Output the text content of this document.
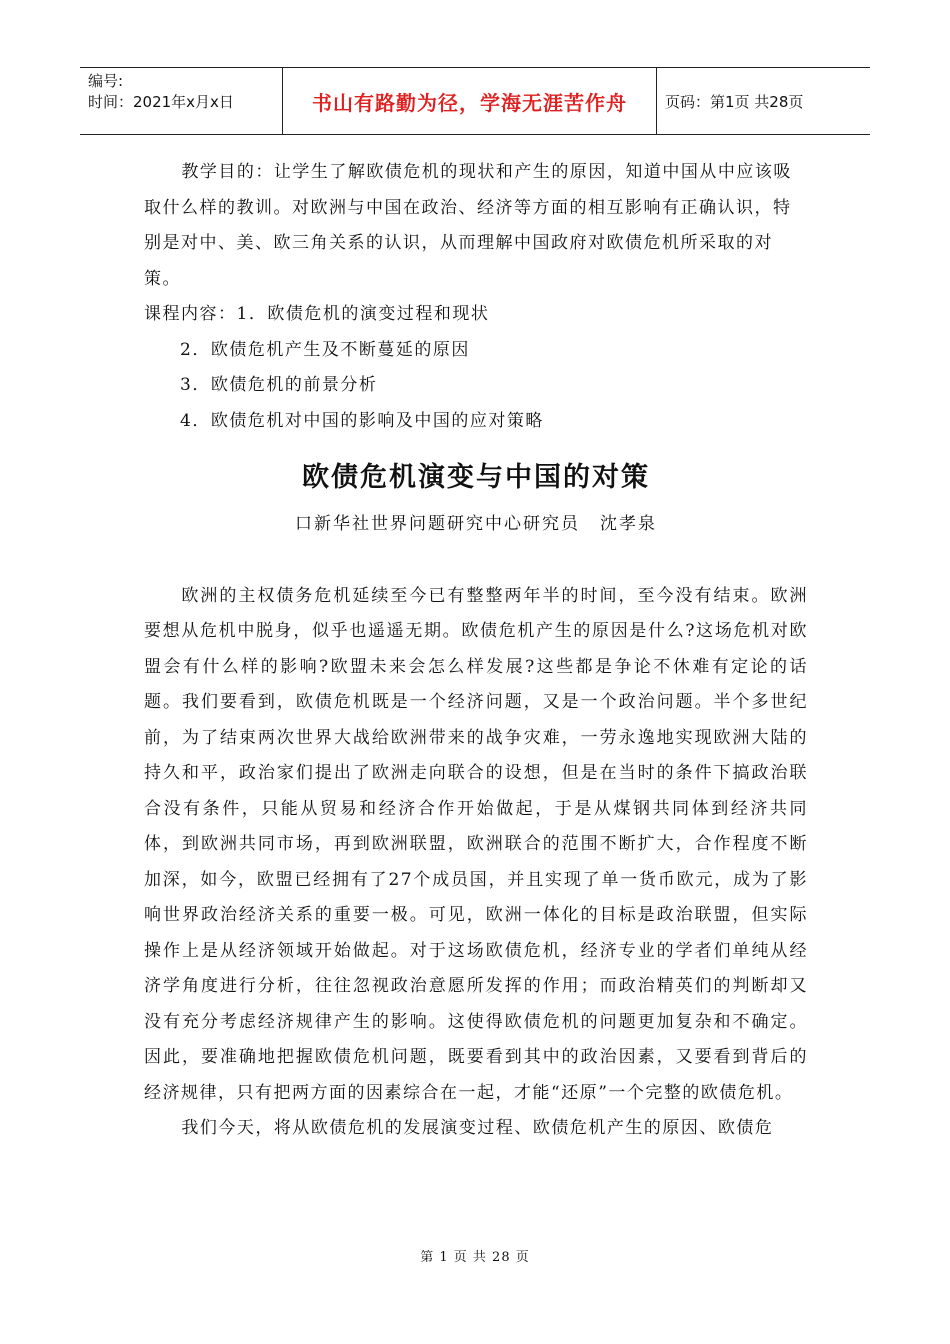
编号:
时间：2021年x月x日	书山有路勤为径，学海无涯苦作舟	页码：第1页 共28页

教学目的：让学生了解欧债危机的现状和产生的原因，知道中国从中应该吸取什么样的教训。对欧洲与中国在政治、经济等方面的相互影响有正确认识，特别是对中、美、欧三角关系的认识，从而理解中国政府对欧债危机所采取的对策。

课程内容：1．欧债危机的演变过程和现状

2．欧债危机产生及不断蔓延的原因

3．欧债危机的前景分析

4．欧债危机对中国的影响及中国的应对策略

欧债危机演变与中国的对策

口新华社世界问题研究中心研究员 沈孝泉

欧洲的主权债务危机延续至今已有整整两年半的时间，至今没有结束。欧洲要想从危机中脱身，似乎也遥遥无期。欧债危机产生的原因是什么?这场危机对欧盟会有什么样的影响?欧盟未来会怎么样发展?这些都是争论不休难有定论的话题。我们要看到，欧债危机既是一个经济问题，又是一个政治问题。半个多世纪前，为了结束两次世界大战给欧洲带来的战争灾难，一劳永逸地实现欧洲大陆的持久和平，政治家们提出了欧洲走向联合的设想，但是在当时的条件下搞政治联合没有条件，只能从贸易和经济合作开始做起，于是从煤钢共同体到经济共同体，到欧洲共同市场，再到欧洲联盟，欧洲联合的范围不断扩大，合作程度不断加深，如今，欧盟已经拥有了27个成员国，并且实现了单一货币欧元，成为了影响世界政治经济关系的重要一极。可见，欧洲一体化的目标是政治联盟，但实际操作上是从经济领域开始做起。对于这场欧债危机，经济专业的学者们单纯从经济学角度进行分析，往往忽视政治意愿所发挥的作用；而政治精英们的判断却又没有充分考虑经济规律产生的影响。这使得欧债危机的问题更加复杂和不确定。因此，要准确地把握欧债危机问题，既要看到其中的政治因素，又要看到背后的经济规律，只有把两方面的因素综合在一起，才能“还原”一个完整的欧债危机。

我们今天，将从欧债危机的发展演变过程、欧债危机产生的原因、欧债危

第 1 页 共 28 页
